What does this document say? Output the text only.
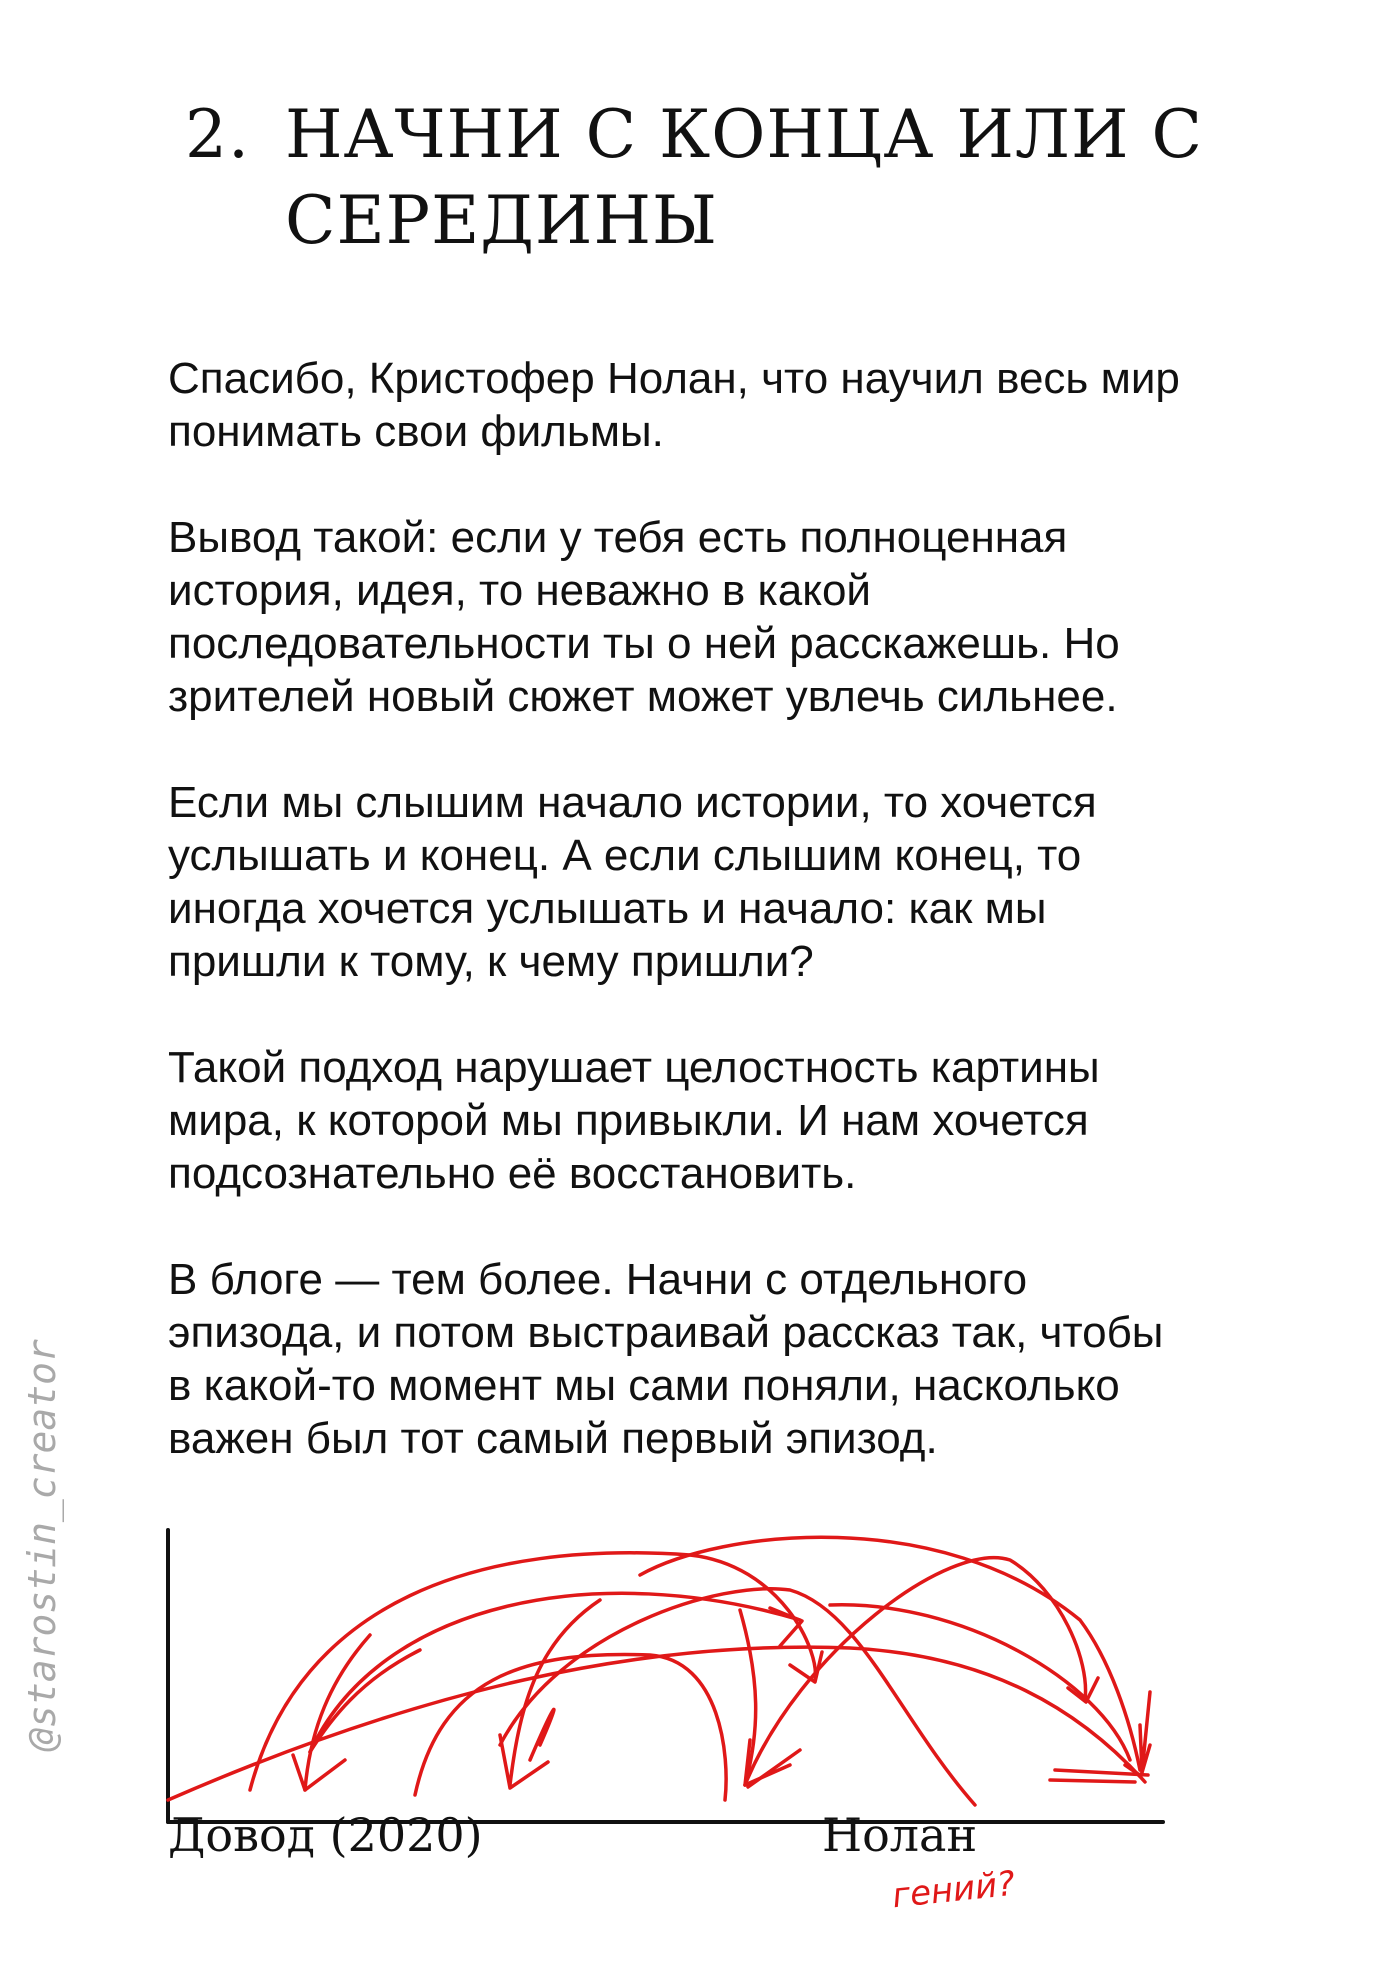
2. НАЧНИ С КОНЦА ИЛИ С
СЕРЕДИНЫ

Спасибо, Кристофер Нолан, что научил весь мир
понимать свои фильмы.

Вывод такой: если у тебя есть полноценная
история, идея, то неважно в какой
последовательности ты о ней расскажешь. Но
зрителей новый сюжет может увлечь сильнее.

Если мы слышим начало истории, то хочется
услышать и конец. А если слышим конец, то
иногда хочется услышать и начало: как мы
пришли к тому, к чему пришли?

Такой подход нарушает целостность картины
мира, к которой мы привыкли. И нам хочется
подсознательно её восстановить.

В блоге — тем более. Начни с отдельного
эпизода, и потом выстраивай рассказ так, чтобы
в какой-то момент мы сами поняли, насколько
важен был тот самый первый эпизод.

@starostin_creator
Довод (2020)	Нолан
гений?
